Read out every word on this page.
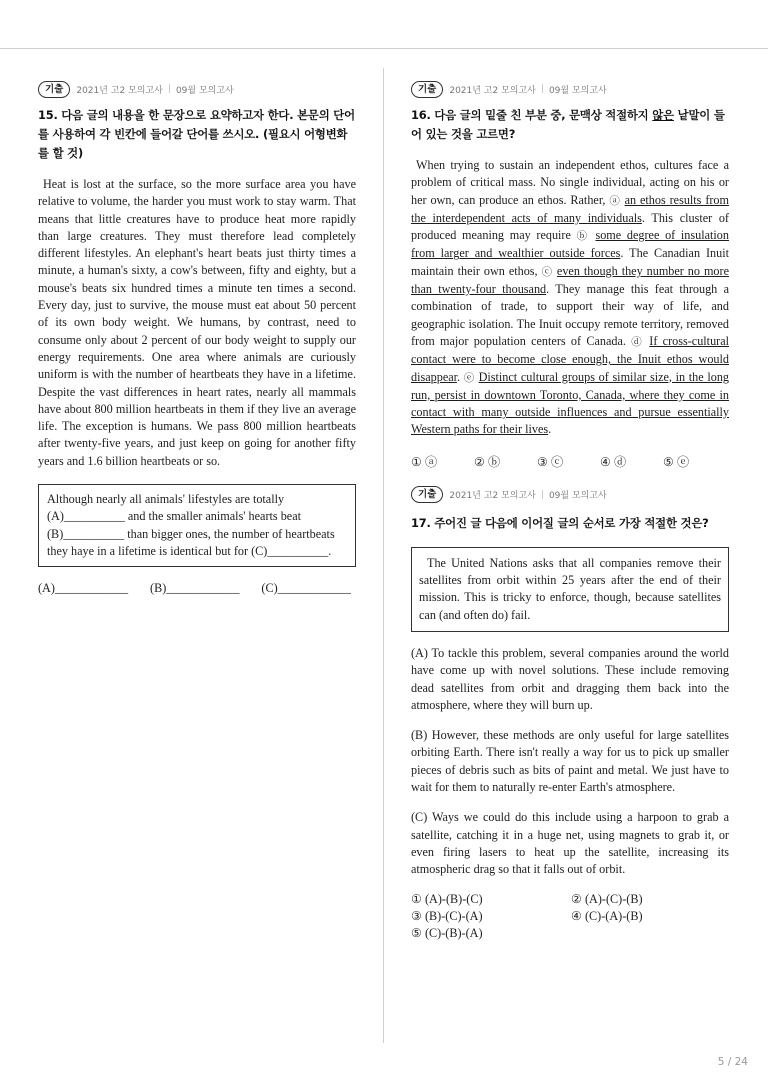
기출	2021년 고2 모의고사 | 09월 모의고사

15. 다음 글의 내용을 한 문장으로 요약하고자 한다. 본문의 단어를 사용하여 각 빈칸에 들어갈 단어를 쓰시오. (필요시 어형변화를 할 것)

Heat is lost at the surface, so the more surface area you have relative to volume, the harder you must work to stay warm. That means that little creatures have to produce heat more rapidly than large creatures. They must therefore lead completely different lifestyles. An elephant's heart beats just thirty times a minute, a human's sixty, a cow's between, fifty and eighty, but a mouse's beats six hundred times a minute ten times a second. Every day, just to survive, the mouse must eat about 50 percent of its own body weight. We humans, by contrast, need to consume only about 2 percent of our body weight to supply our energy requirements. One area where animals are curiously uniform is with the number of heartbeats they have in a lifetime. Despite the vast differences in heart rates, nearly all mammals have about 800 million heartbeats in them if they live an average life. The exception is humans. We pass 800 million heartbeats after twenty-five years, and just keep on going for another fifty years and 1.6 billion heartbeats or so.

Although nearly all animals' lifestyles are totally (A)__________ and the smaller animals' hearts beat (B)__________ than bigger ones, the number of heartbeats they haye in a lifetime is identical but for (C)__________.
(A)____________ (B)____________ (C)____________
기출	2021년 고2 모의고사 | 09월 모의고사

16. 다음 글의 밑줄 친 부분 중, 문맥상 적절하지 않은 낱말이 들어 있는 것을 고르면?

When trying to sustain an independent ethos, cultures face a problem of critical mass. No single individual, acting on his or her own, can produce an ethos. Rather, ⓐ an ethos results from the interdependent acts of many individuals. This cluster of produced meaning may require ⓑ some degree of insulation from larger and wealthier outside forces. The Canadian Inuit maintain their own ethos, ⓒ even though they number no more than twenty-four thousand. They manage this feat through a combination of trade, to support their way of life, and geographic isolation. The Inuit occupy remote territory, removed from major population centers of Canada. ⓓ If cross-cultural contact were to become close enough, the Inuit ethos would disappear. ⓔ Distinct cultural groups of similar size, in the long run, persist in downtown Toronto, Canada, where they come in contact with many outside influences and pursue essentially Western paths for their lives.

① ⓐ	② ⓑ	③ ⓒ	④ ⓓ	⑤ ⓔ
기출	2021년 고2 모의고사 | 09월 모의고사

17. 주어진 글 다음에 이어질 글의 순서로 가장 적절한 것은?

The United Nations asks that all companies remove their satellites from orbit within 25 years after the end of their mission. This is tricky to enforce, though, because satellites can (and often do) fail.
(A) To tackle this problem, several companies around the world have come up with novel solutions. These include removing dead satellites from orbit and dragging them back into the atmosphere, where they will burn up.
(B) However, these methods are only useful for large satellites orbiting Earth. There isn't really a way for us to pick up smaller pieces of debris such as bits of paint and metal. We just have to wait for them to naturally re-enter Earth's atmosphere.
(C) Ways we could do this include using a harpoon to grab a satellite, catching it in a huge net, using magnets to grab it, or even firing lasers to heat up the satellite, increasing its atmospheric drag so that it falls out of orbit.
① (A)-(B)-(C)	② (A)-(C)-(B)
③ (B)-(C)-(A)	④ (C)-(A)-(B)
⑤ (C)-(B)-(A)
5 / 24
